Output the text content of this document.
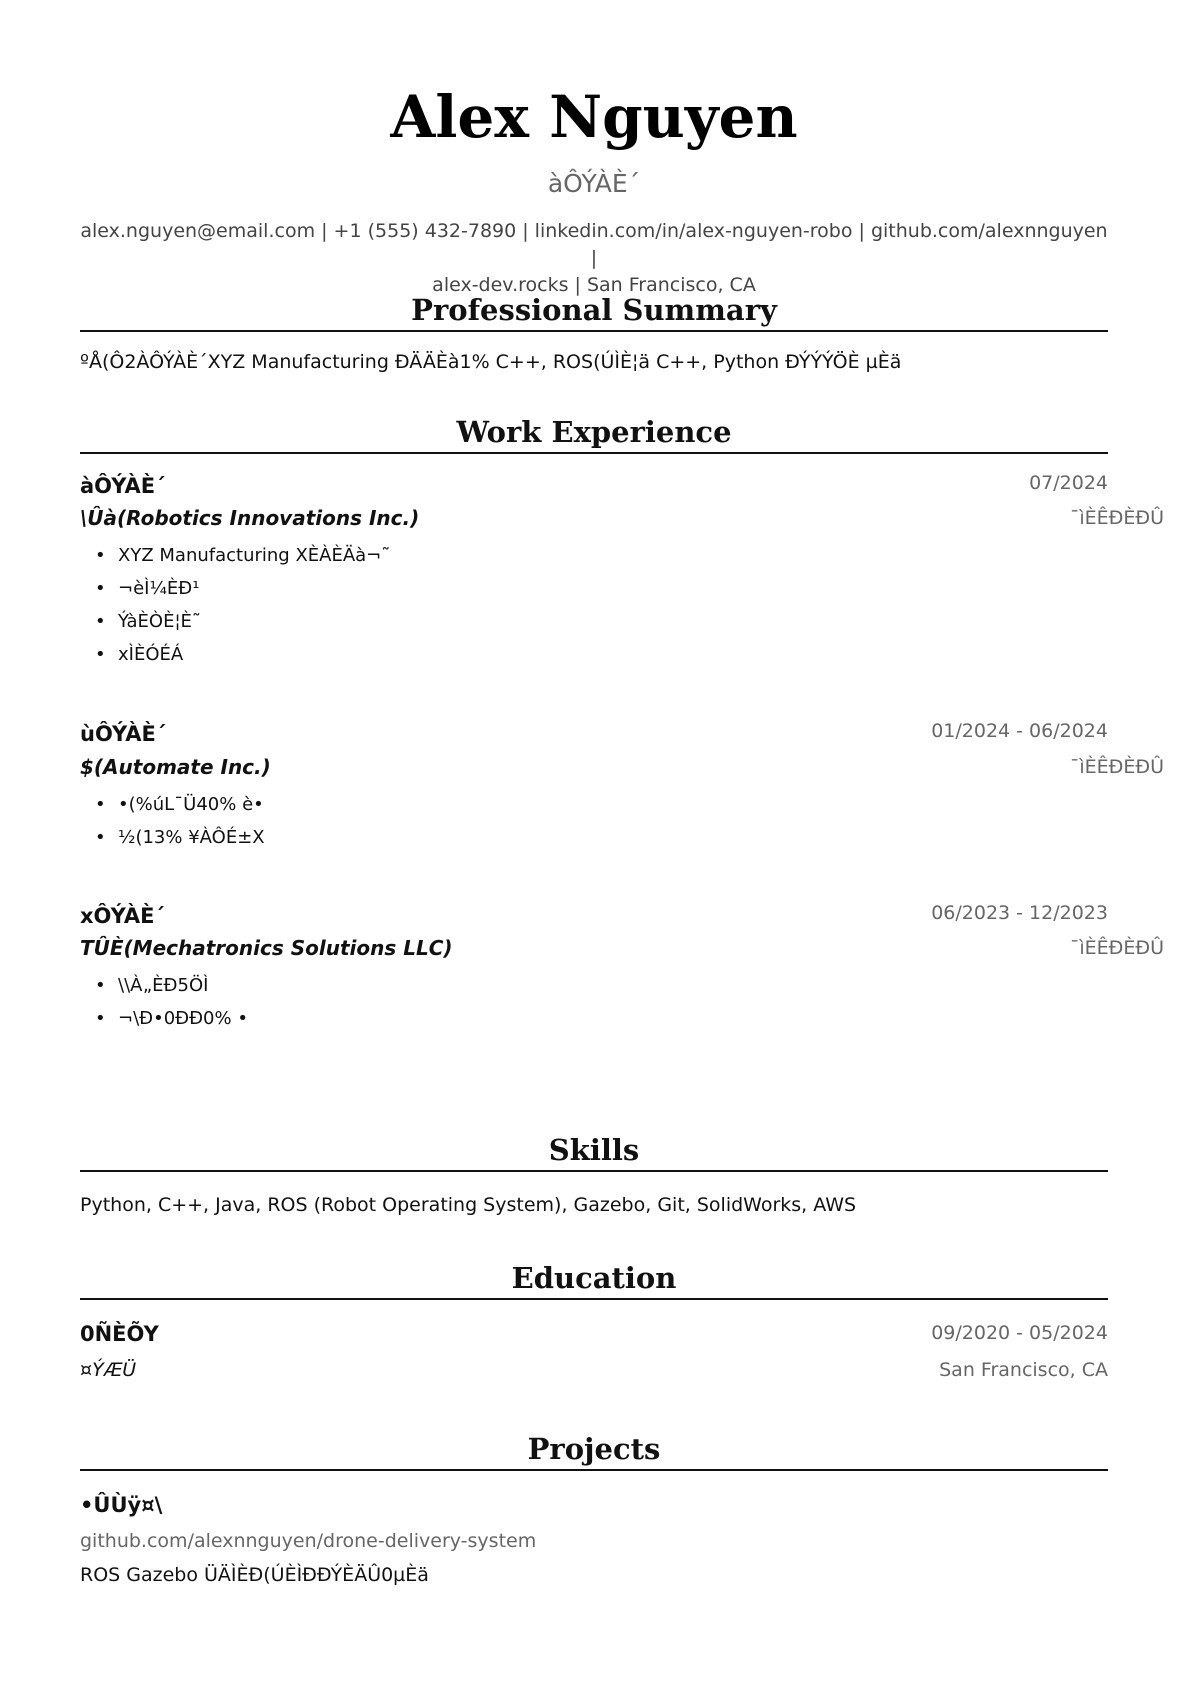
Alex Nguyen
àÔÝÀÈ´
alex.nguyen@email.com | +1 (555) 432-7890 | linkedin.com/in/alex-nguyen-robo | github.com/alexnnguyen |
alex-dev.rocks | San Francisco, CA
Professional Summary
ºÅ(Ô2ÀÔÝÀÈ´XYZ Manufacturing ÐÄÄÈà1% C++, ROS(ÚÌÈ¦ä C++, Python ÐÝÝÝÖÈ µÈä
Work Experience
àÔÝÀÈ´	07/2024
\Ûà(Robotics Innovations Inc.)	¯ìÈÊÐÈÐÛ
• XYZ Manufacturing XÈÀÈÄà¬˜
• ¬èÌ¼ÈÐ¹
• ÝàÈÒÈ¦È˜
• xÌÈÓÉÁ
ùÔÝÀÈ´	01/2024 - 06/2024
$(Automate Inc.)	¯ìÈÊÐÈÐÛ
• •(%úL¯Ü40% è•
• ½(13% ¥ÀÔÉ±X
xÔÝÀÈ´	06/2023 - 12/2023
TÛÈ(Mechatronics Solutions LLC)	¯ìÈÊÐÈÐÛ
• \\À„ÈÐ5ÖÌ
• ¬\Ð•0ÐÐ0% •
Skills
Python, C++, Java, ROS (Robot Operating System), Gazebo, Git, SolidWorks, AWS
Education
0ÑÈÕY	09/2020 - 05/2024
¤ÝÆÜ	San Francisco, CA
Projects
•ÛÙÿ¤\
github.com/alexnnguyen/drone-delivery-system
ROS Gazebo ÜÄÌÈÐ(ÚÈÌÐÐÝÈÄÛ0µÈä
